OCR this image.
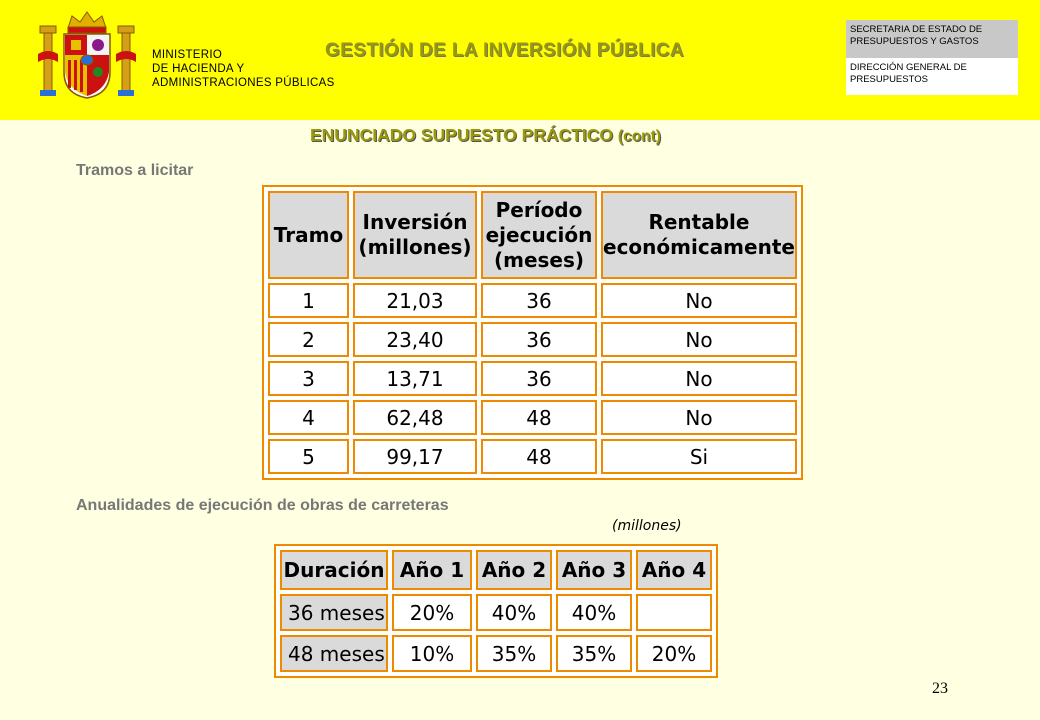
MINISTERIO
DE HACIENDA Y
ADMINISTRACIONES PÚBLICAS
GESTIÓN DE LA INVERSIÓN PÚBLICA
SECRETARIA DE ESTADO DE PRESUPUESTOS Y GASTOS
DIRECCIÓN GENERAL DE PRESUPUESTOS
ENUNCIADO SUPUESTO PRÁCTICO (cont)
Tramos a licitar
Tramo	Inversión (millones)	Período ejecución (meses)	Rentable económicamente
1	21,03	36	No
2	23,40	36	No
3	13,71	36	No
4	62,48	48	No
5	99,17	48	Si
Anualidades de ejecución de obras de carreteras
(millones)
Duración	Año 1	Año 2	Año 3	Año 4
36 meses	20%	40%	40%	
48 meses	10%	35%	35%	20%
23
